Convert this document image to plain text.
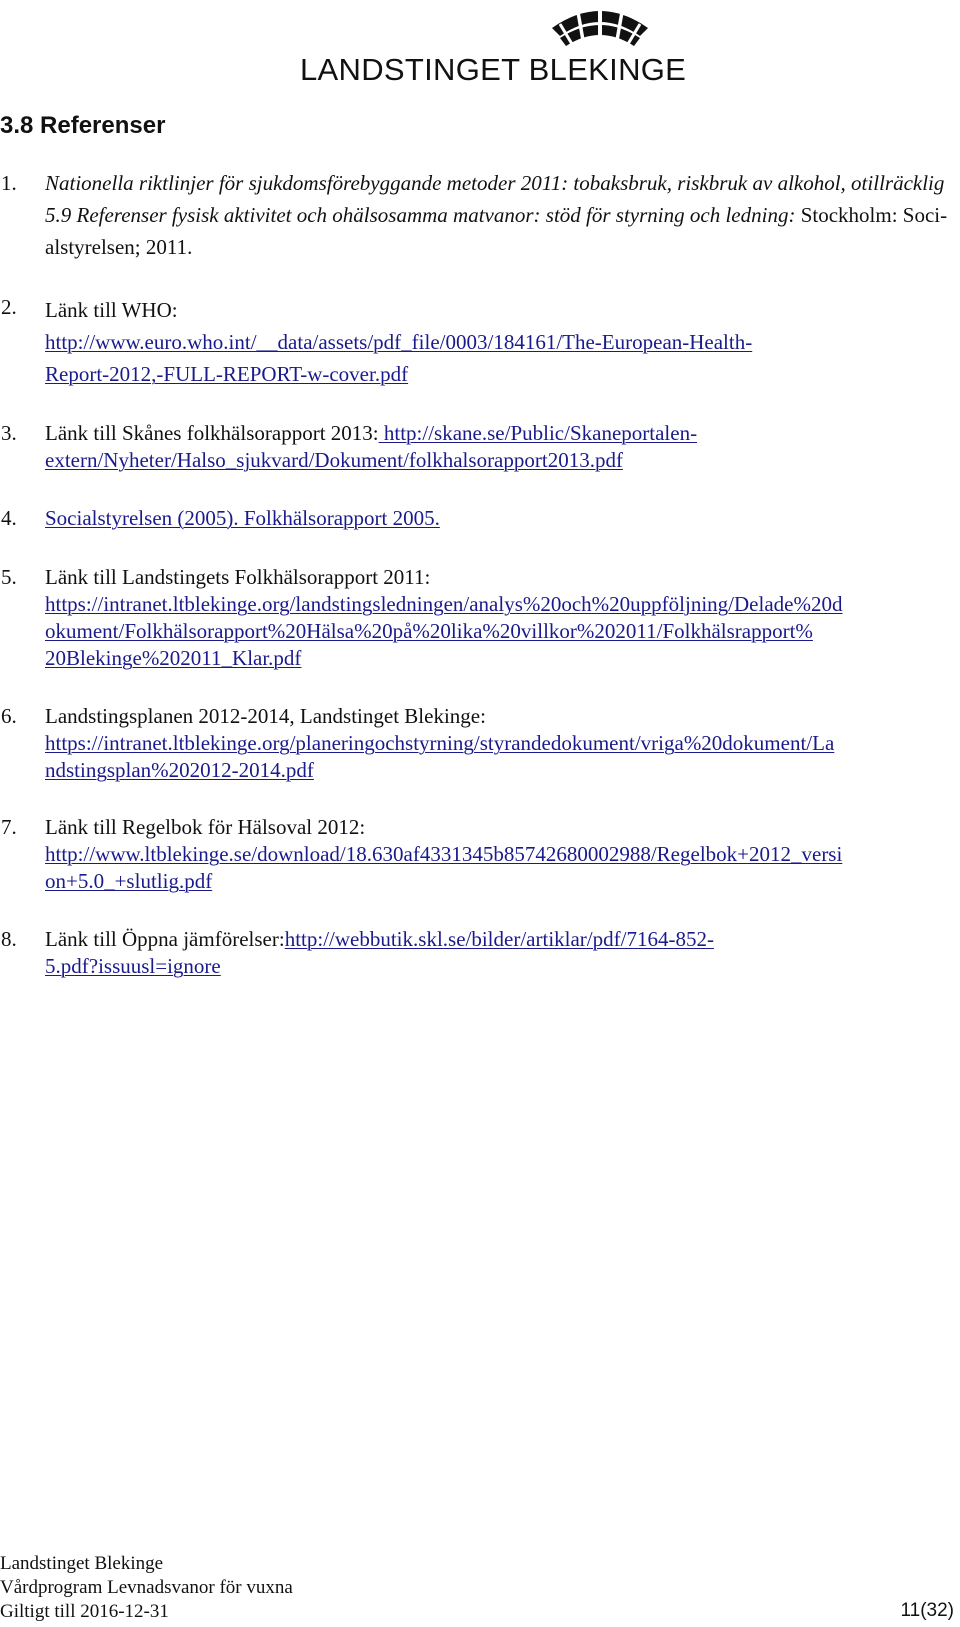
LANDSTINGET BLEKINGE
3.8 Referenser
1.	Nationella riktlinjer för sjukdomsförebyggande metoder 2011: tobaksbruk, riskbruk av alkohol, otillräcklig
5.9 Referenser fysisk aktivitet och ohälsosamma matvanor: stöd för styrning och ledning: Stockholm: Soci-
alstyrelsen; 2011.
2.	Länk till WHO:
http://www.euro.who.int/__data/assets/pdf_file/0003/184161/The-European-Health-
Report-2012,-FULL-REPORT-w-cover.pdf
3.	Länk till Skånes folkhälsorapport 2013: http://skane.se/Public/Skaneportalen-
extern/Nyheter/Halso_sjukvard/Dokument/folkhalsorapport2013.pdf
4.	Socialstyrelsen (2005). Folkhälsorapport 2005.
5.	Länk till Landstingets Folkhälsorapport 2011:
https://intranet.ltblekinge.org/landstingsledningen/analys%20och%20uppföljning/Delade%20d
okument/Folkhälsorapport%20Hälsa%20på%20lika%20villkor%202011/Folkhälsrapport%
20Blekinge%202011_Klar.pdf
6.	Landstingsplanen 2012-2014, Landstinget Blekinge:
https://intranet.ltblekinge.org/planeringochstyrning/styrandedokument/vriga%20dokument/La
ndstingsplan%202012-2014.pdf
7.	Länk till Regelbok för Hälsoval 2012:
http://www.ltblekinge.se/download/18.630af4331345b85742680002988/Regelbok+2012_versi
on+5.0_+slutlig.pdf
8.	Länk till Öppna jämförelser:http://webbutik.skl.se/bilder/artiklar/pdf/7164-852-
5.pdf?issuusl=ignore
Landstinget Blekinge
Vårdprogram Levnadsvanor för vuxna
Giltigt till 2016-12-31	11(32)
